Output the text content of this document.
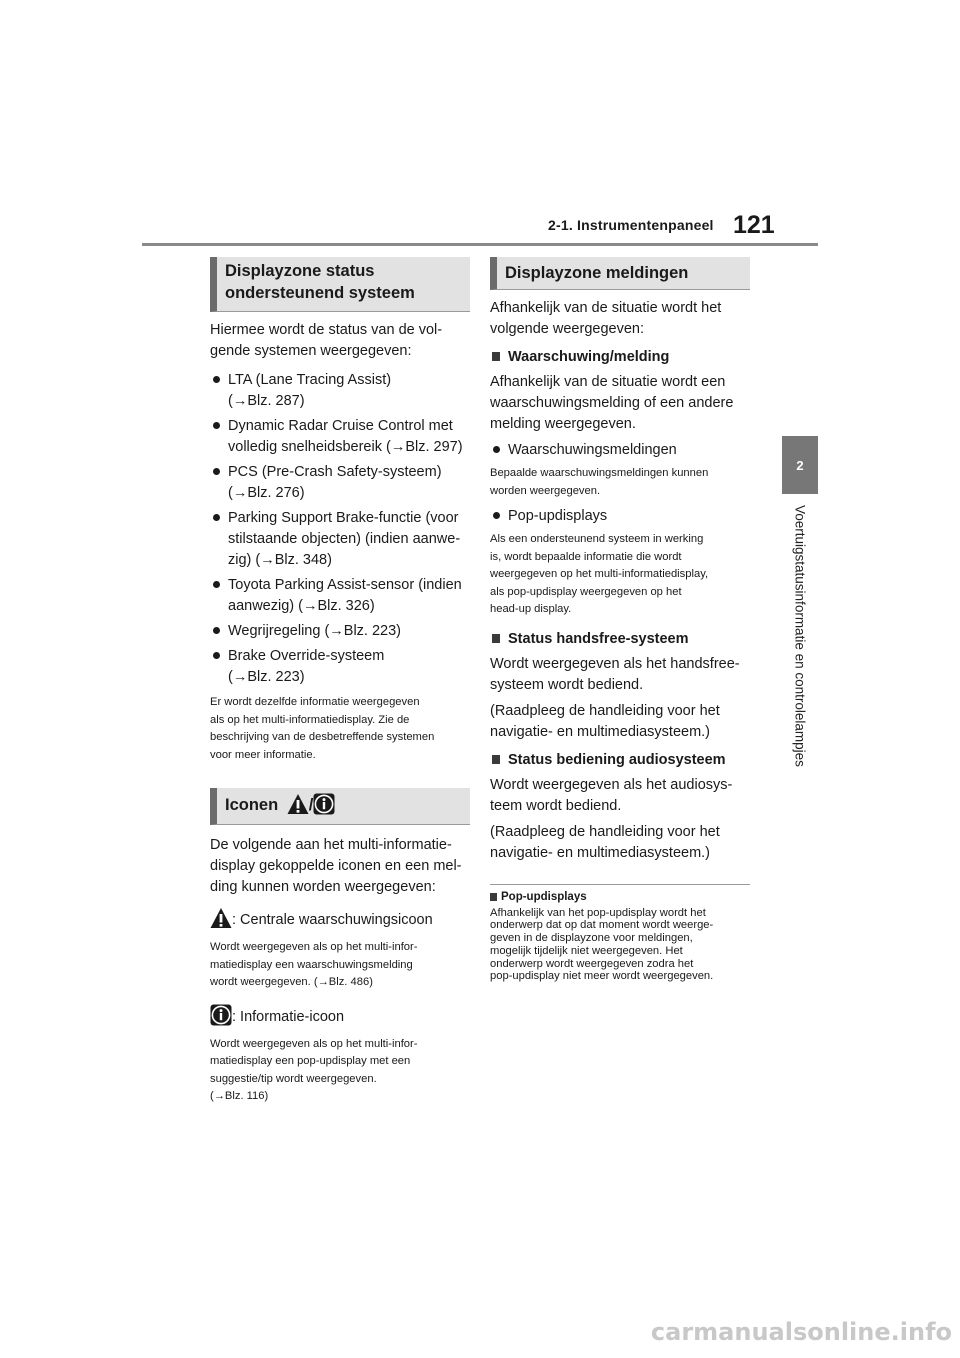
2-1. Instrumentenpaneel 121
2
Voertuigstatusinformatie en controlelampjes
Displayzone status
ondersteunend systeem
Hiermee wordt de status van de vol-
gende systemen weergegeven:
LTA (Lane Tracing Assist)
(→Blz. 287)
Dynamic Radar Cruise Control met
volledig snelheidsbereik (→Blz. 297)
PCS (Pre-Crash Safety-systeem)
(→Blz. 276)
Parking Support Brake-functie (voor
stilstaande objecten) (indien aanwe-
zig) (→Blz. 348)
Toyota Parking Assist-sensor (indien
aanwezig) (→Blz. 326)
Wegrijregeling (→Blz. 223)
Brake Override-systeem
(→Blz. 223)
Er wordt dezelfde informatie weergegeven
als op het multi-informatiedisplay. Zie de
beschrijving van de desbetreffende systemen
voor meer informatie.
Iconen /
De volgende aan het multi-informatie-
display gekoppelde iconen en een mel-
ding kunnen worden weergegeven:
: Centrale waarschuwingsicoon
Wordt weergegeven als op het multi-infor-
matiedisplay een waarschuwingsmelding
wordt weergegeven. (→Blz. 486)
: Informatie-icoon
Wordt weergegeven als op het multi-infor-
matiedisplay een pop-updisplay met een
suggestie/tip wordt weergegeven.
(→Blz. 116)
Displayzone meldingen
Afhankelijk van de situatie wordt het
volgende weergegeven:
Waarschuwing/melding
Afhankelijk van de situatie wordt een
waarschuwingsmelding of een andere
melding weergegeven.
Waarschuwingsmeldingen
Bepaalde waarschuwingsmeldingen kunnen
worden weergegeven.
Pop-updisplays
Als een ondersteunend systeem in werking
is, wordt bepaalde informatie die wordt
weergegeven op het multi-informatiedisplay,
als pop-updisplay weergegeven op het
head-up display.
Status handsfree-systeem
Wordt weergegeven als het handsfree-
systeem wordt bediend.
(Raadpleeg de handleiding voor het
navigatie- en multimediasysteem.)
Status bediening audiosysteem
Wordt weergegeven als het audiosys-
teem wordt bediend.
(Raadpleeg de handleiding voor het
navigatie- en multimediasysteem.)
Pop-updisplays
Afhankelijk van het pop-updisplay wordt het
onderwerp dat op dat moment wordt weerge-
geven in de displayzone voor meldingen,
mogelijk tijdelijk niet weergegeven. Het
onderwerp wordt weergegeven zodra het
pop-updisplay niet meer wordt weergegeven.
carmanualsonline.info
